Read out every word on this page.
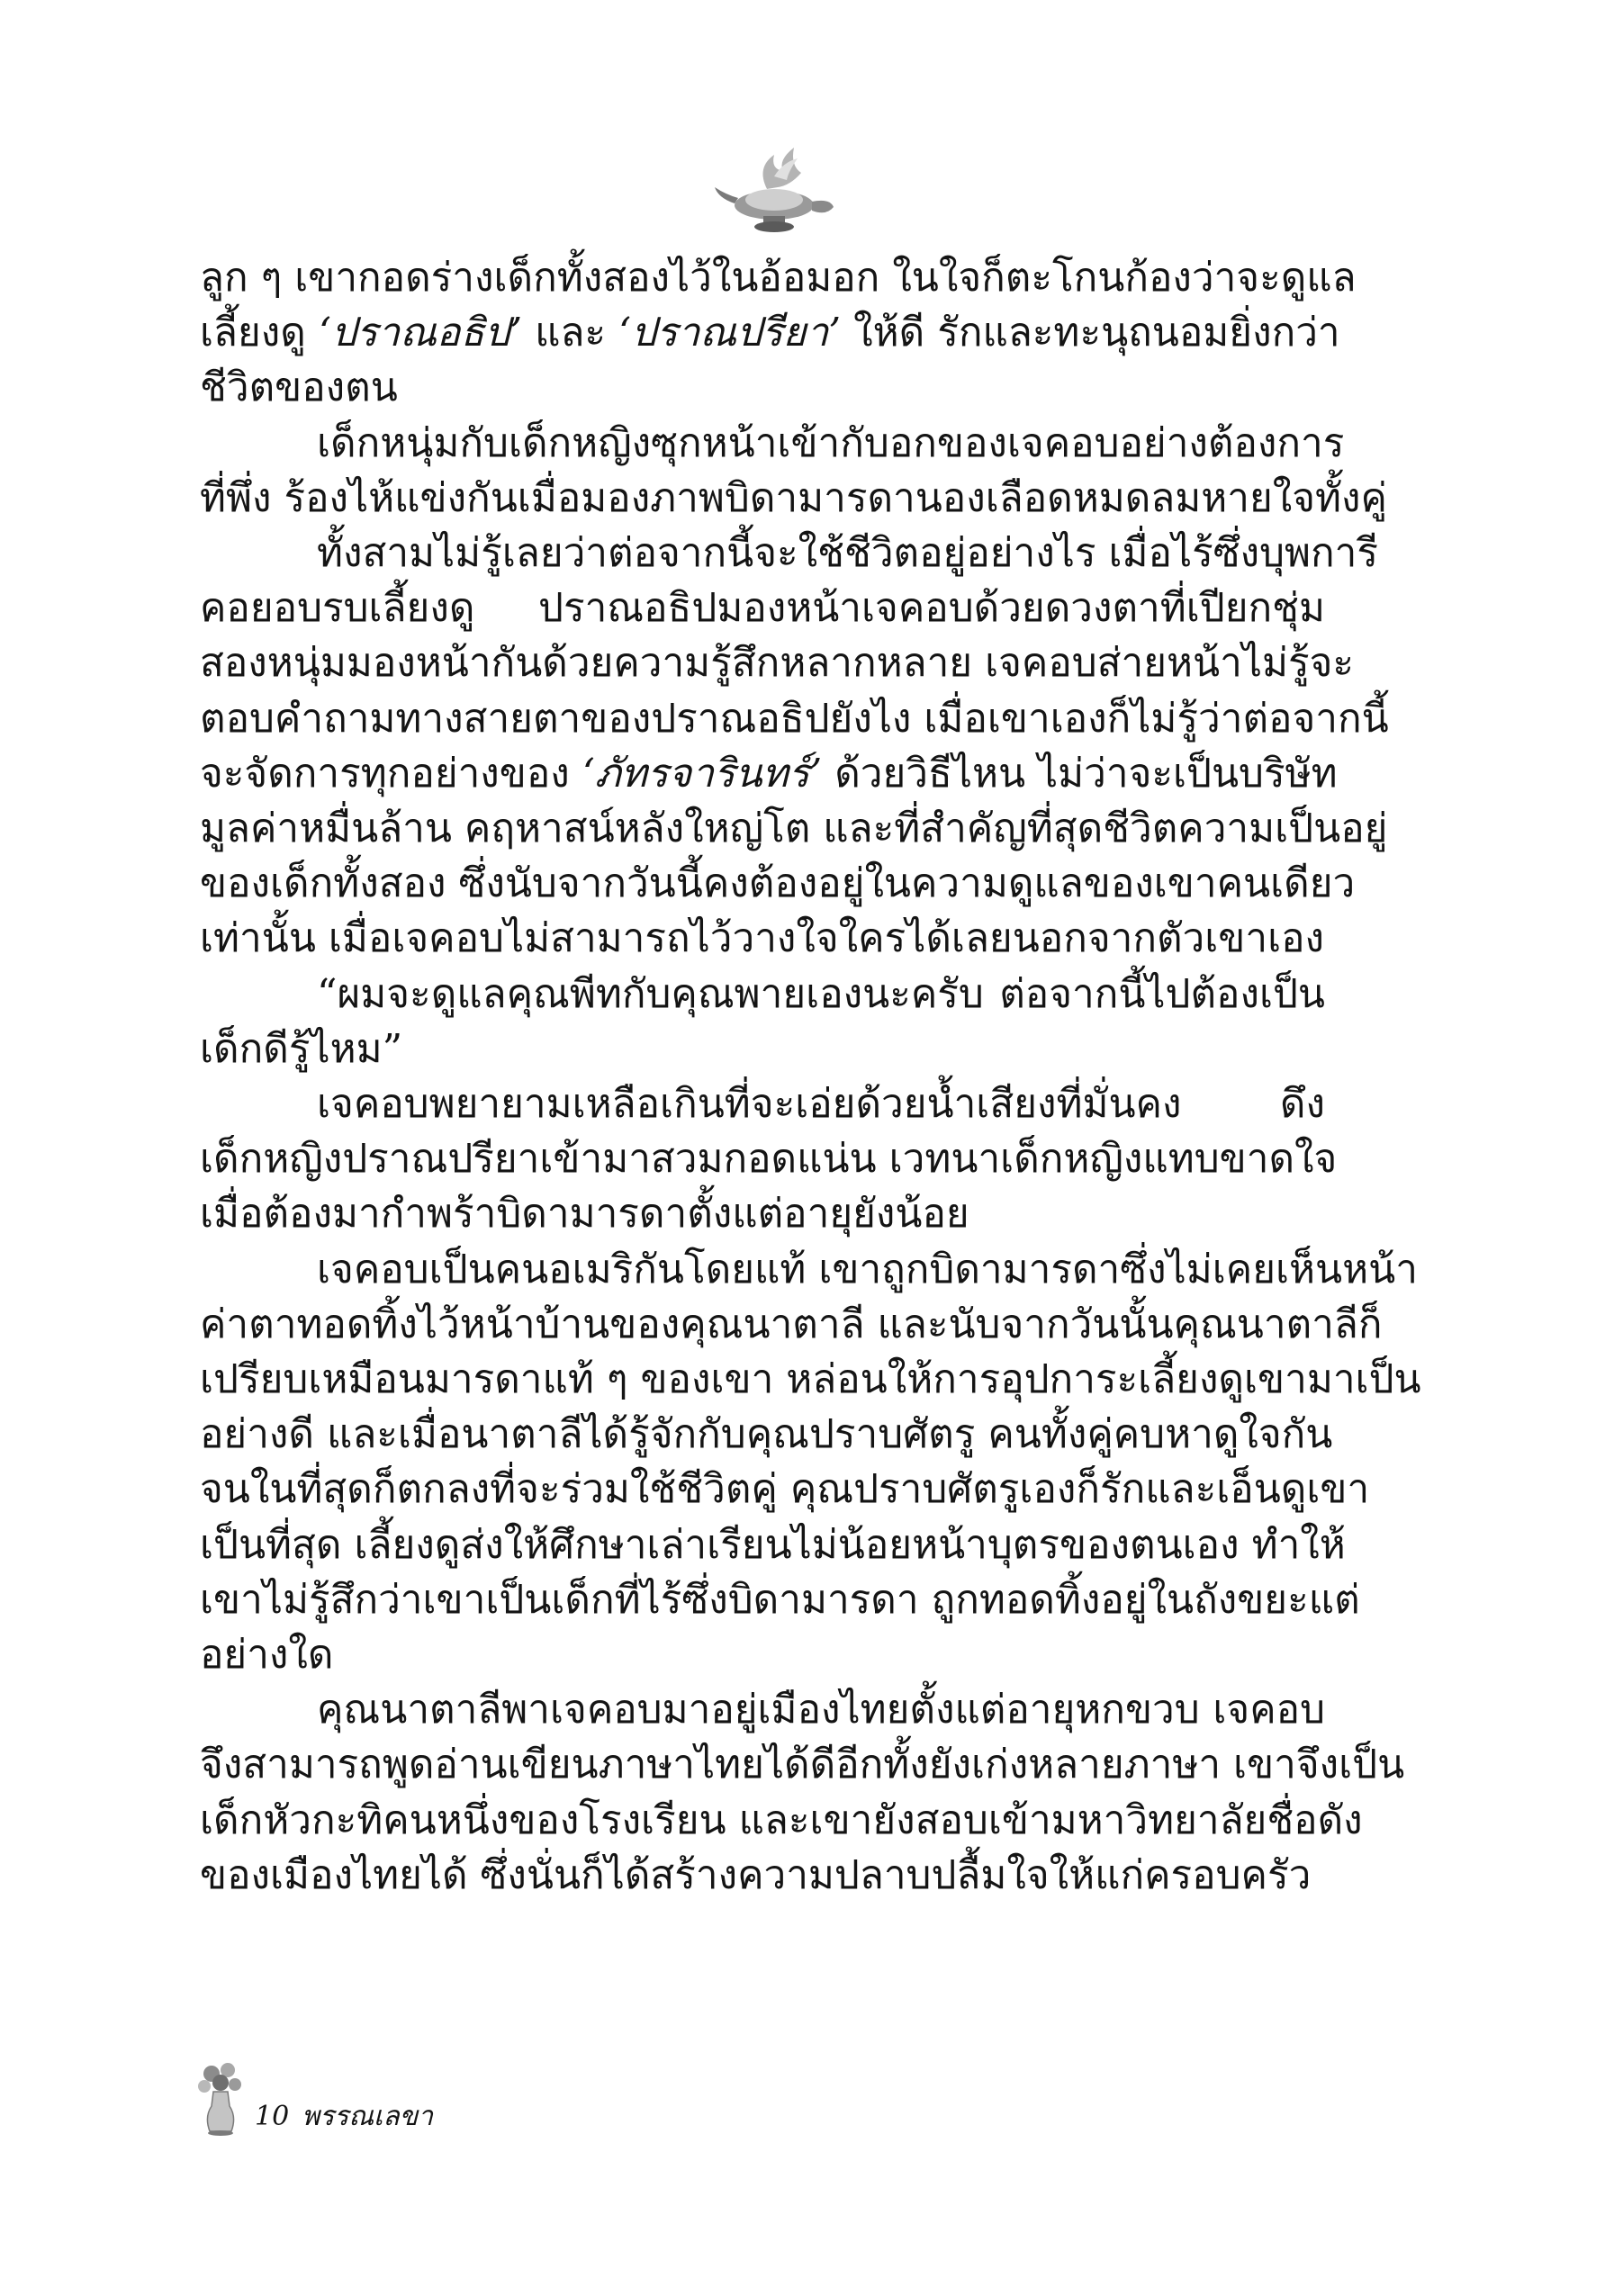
ลูก ๆ เขากอดร่างเด็กทั้งสองไว้ในอ้อมอก ในใจก็ตะโกนก้องว่าจะดูแล
เลี้ยงดู ‘ปราณอธิป’ และ ‘ปราณปรียา’ ให้ดี รักและทะนุถนอมยิ่งกว่า
ชีวิตของตน
เด็กหนุ่มกับเด็กหญิงซุกหน้าเข้ากับอกของเจคอบอย่างต้องการ
ที่พึ่ง ร้องไห้แข่งกันเมื่อมองภาพบิดามารดานองเลือดหมดลมหายใจทั้งคู่
ทั้งสามไม่รู้เลยว่าต่อจากนี้จะใช้ชีวิตอยู่อย่างไร เมื่อไร้ซึ่งบุพการี
คอยอบรบเลี้ยงดู ปราณอธิปมองหน้าเจคอบด้วยดวงตาที่เปียกชุ่ม
สองหนุ่มมองหน้ากันด้วยความรู้สึกหลากหลาย เจคอบส่ายหน้าไม่รู้จะ
ตอบคำถามทางสายตาของปราณอธิปยังไง เมื่อเขาเองก็ไม่รู้ว่าต่อจากนี้
จะจัดการทุกอย่างของ ‘ภัทรจารินทร์’ ด้วยวิธีไหน ไม่ว่าจะเป็นบริษัท
มูลค่าหมื่นล้าน คฤหาสน์หลังใหญ่โต และที่สำคัญที่สุดชีวิตความเป็นอยู่
ของเด็กทั้งสอง ซึ่งนับจากวันนี้คงต้องอยู่ในความดูแลของเขาคนเดียว
เท่านั้น เมื่อเจคอบไม่สามารถไว้วางใจใครได้เลยนอกจากตัวเขาเอง
“ผมจะดูแลคุณพีทกับคุณพายเองนะครับ ต่อจากนี้ไปต้องเป็น
เด็กดีรู้ไหม”
เจคอบพยายามเหลือเกินที่จะเอ่ยด้วยน้ำเสียงที่มั่นคง ดึง
เด็กหญิงปราณปรียาเข้ามาสวมกอดแน่น เวทนาเด็กหญิงแทบขาดใจ
เมื่อต้องมากำพร้าบิดามารดาตั้งแต่อายุยังน้อย
เจคอบเป็นคนอเมริกันโดยแท้ เขาถูกบิดามารดาซึ่งไม่เคยเห็นหน้า
ค่าตาทอดทิ้งไว้หน้าบ้านของคุณนาตาลี และนับจากวันนั้นคุณนาตาลีก็
เปรียบเหมือนมารดาแท้ ๆ ของเขา หล่อนให้การอุปการะเลี้ยงดูเขามาเป็น
อย่างดี และเมื่อนาตาลีได้รู้จักกับคุณปราบศัตรู คนทั้งคู่คบหาดูใจกัน
จนในที่สุดก็ตกลงที่จะร่วมใช้ชีวิตคู่ คุณปราบศัตรูเองก็รักและเอ็นดูเขา
เป็นที่สุด เลี้ยงดูส่งให้ศึกษาเล่าเรียนไม่น้อยหน้าบุตรของตนเอง ทำให้
เขาไม่รู้สึกว่าเขาเป็นเด็กที่ไร้ซึ่งบิดามารดา ถูกทอดทิ้งอยู่ในถังขยะแต่
อย่างใด
คุณนาตาลีพาเจคอบมาอยู่เมืองไทยตั้งแต่อายุหกขวบ เจคอบ
จึงสามารถพูดอ่านเขียนภาษาไทยได้ดีอีกทั้งยังเก่งหลายภาษา เขาจึงเป็น
เด็กหัวกะทิคนหนึ่งของโรงเรียน และเขายังสอบเข้ามหาวิทยาลัยชื่อดัง
ของเมืองไทยได้ ซึ่งนั่นก็ได้สร้างความปลาบปลื้มใจให้แก่ครอบครัว
10 พรรณเลขา
